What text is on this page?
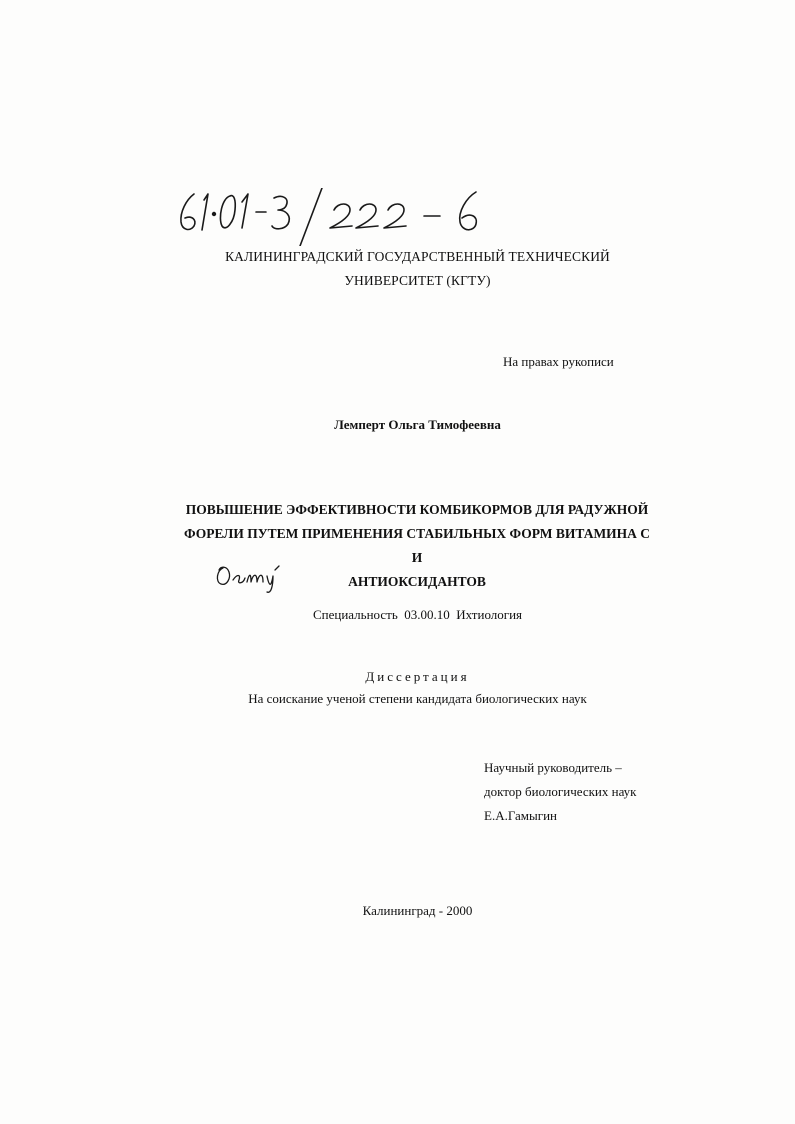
КАЛИНИНГРАДСКИЙ ГОСУДАРСТВЕННЫЙ ТЕХНИЧЕСКИЙ
УНИВЕРСИТЕТ (КГТУ)
На правах рукописи
Лемперт Ольга Тимофеевна
ПОВЫШЕНИЕ ЭФФЕКТИВНОСТИ КОМБИКОРМОВ ДЛЯ РАДУЖНОЙ
ФОРЕЛИ ПУТЕМ ПРИМЕНЕНИЯ СТАБИЛЬНЫХ ФОРМ ВИТАМИНА С И
АНТИОКСИДАНТОВ
Специальность  03.00.10  Ихтиология
Диссертация
На соискание ученой степени кандидата биологических наук
Научный руководитель –
доктор биологических наук
Е.А.Гамыгин
Калининград - 2000
